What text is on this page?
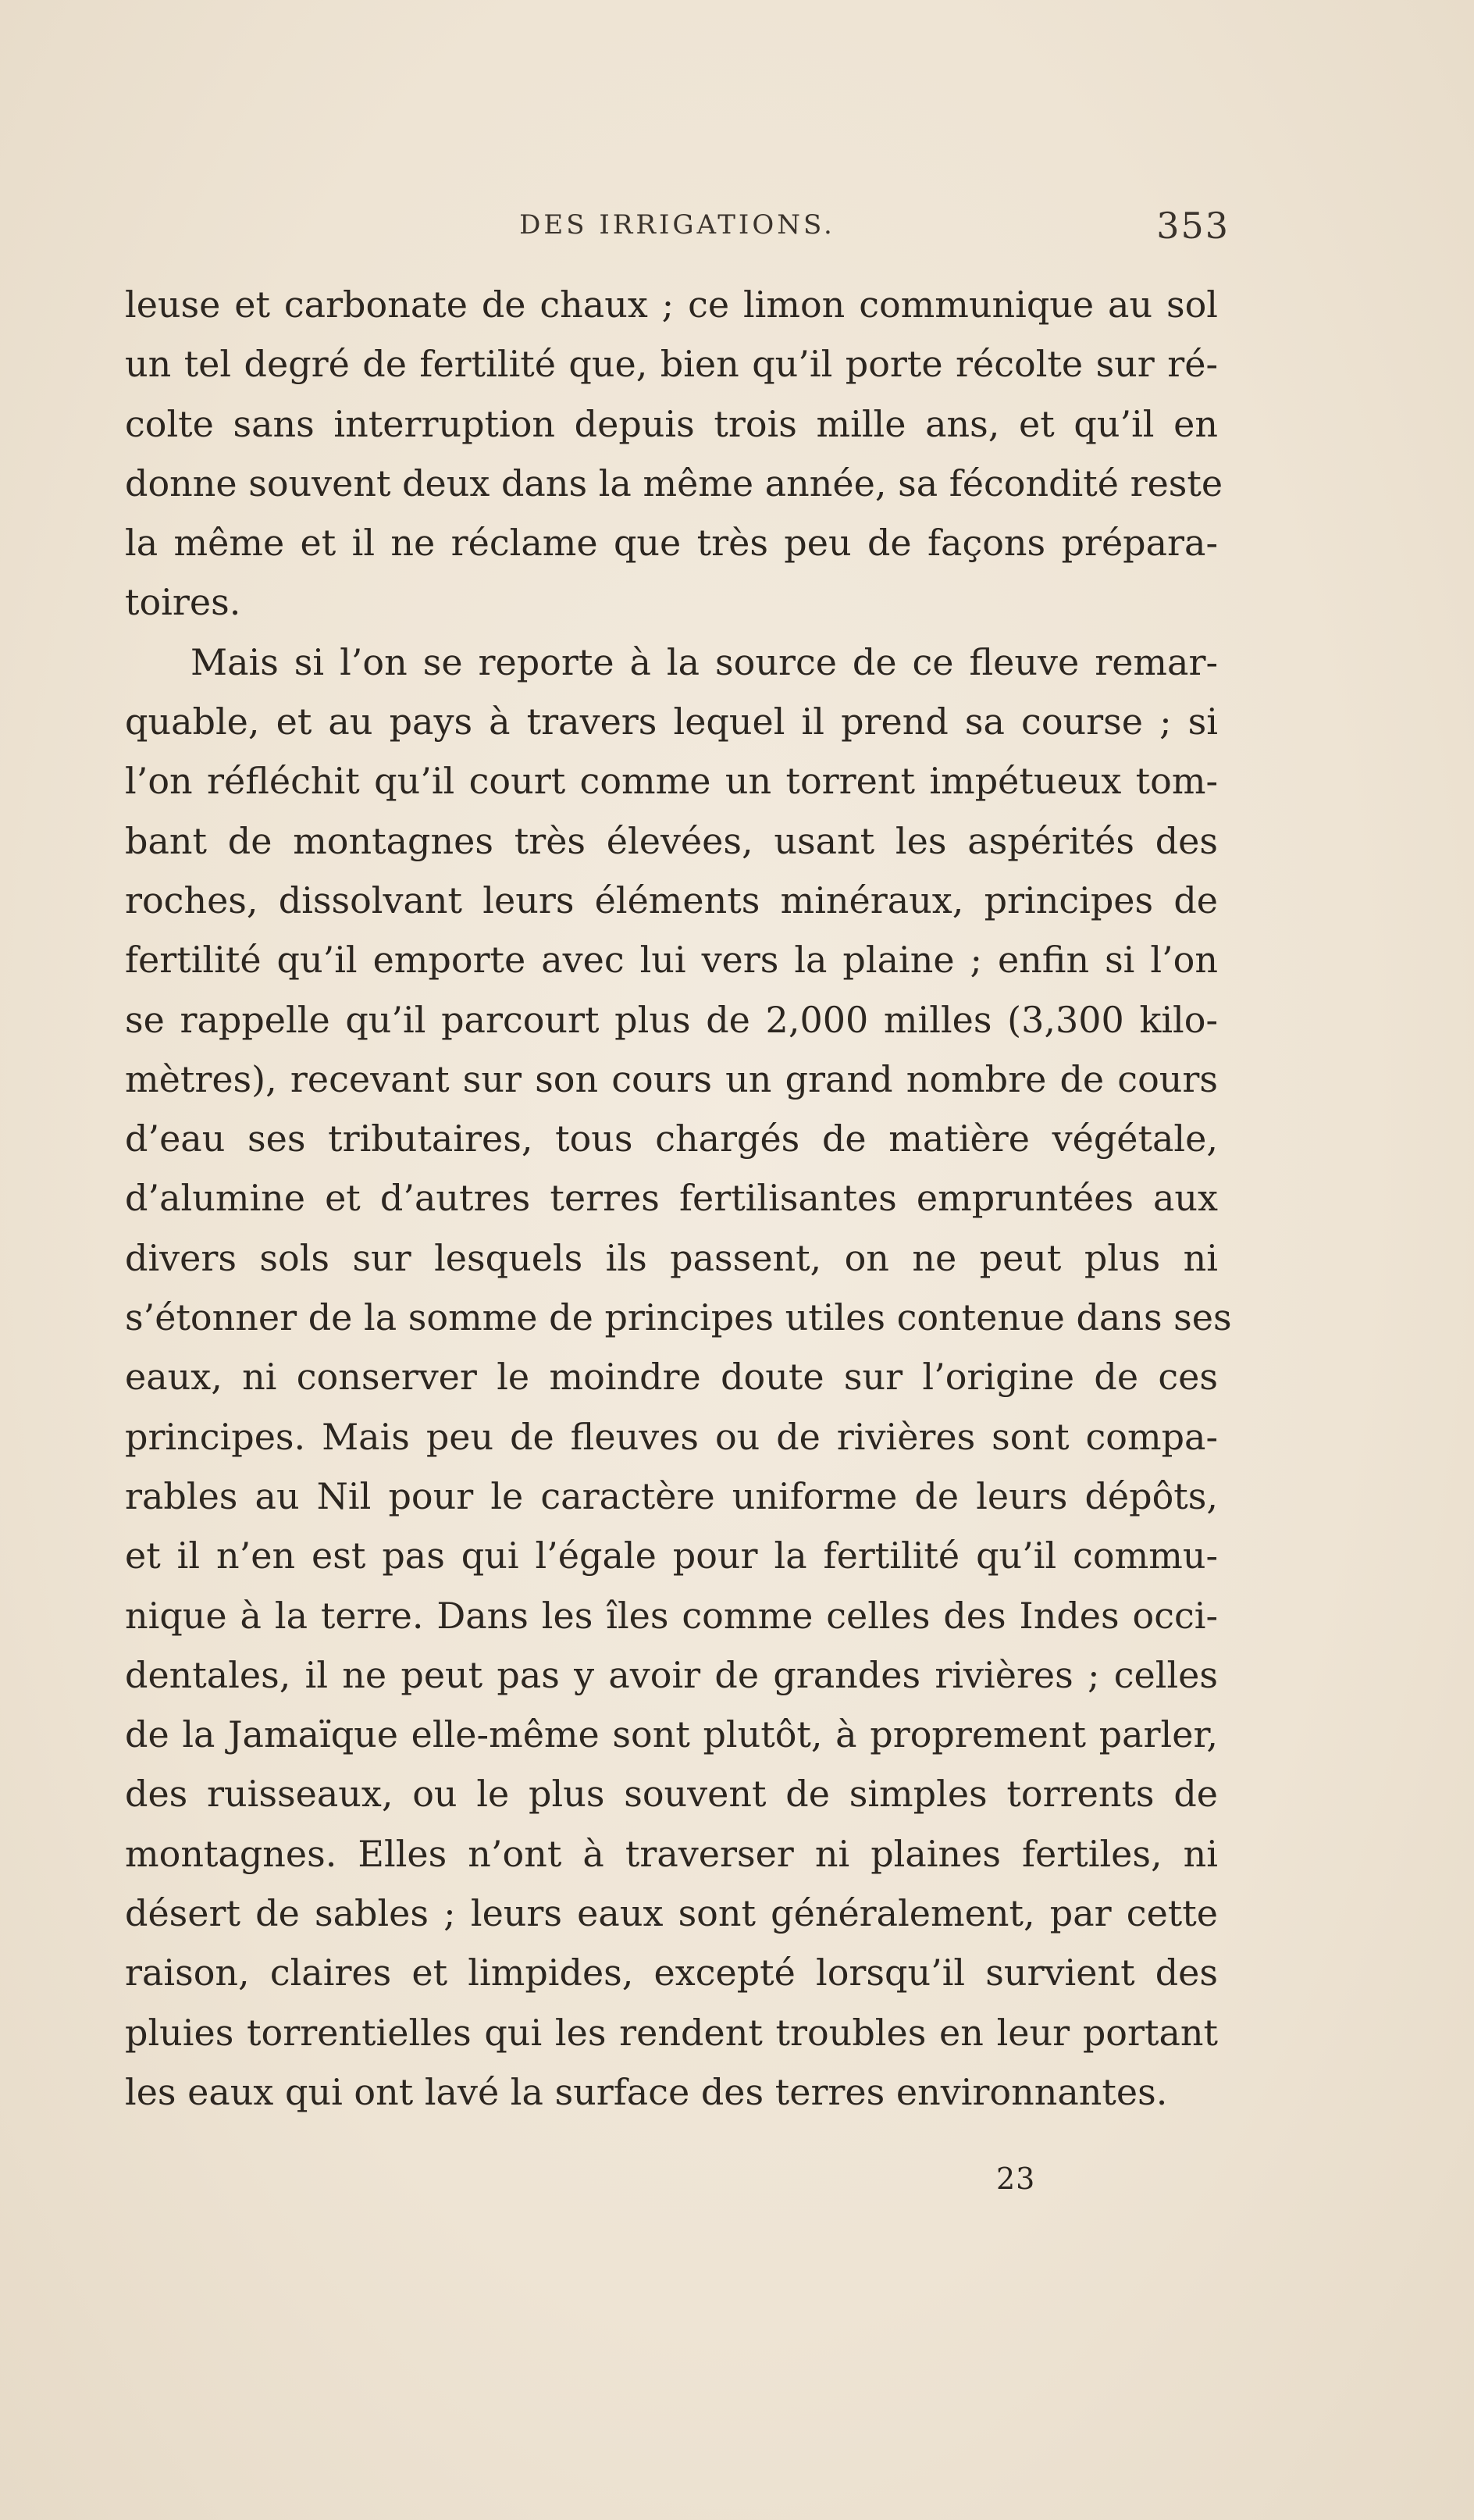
DES IRRIGATIONS.	353
leuse et carbonate de chaux ; ce limon communique au sol
un tel degré de fertilité que, bien qu’il porte récolte sur ré-
colte sans interruption depuis trois mille ans, et qu’il en
donne souvent deux dans la même année, sa fécondité reste
la même et il ne réclame que très peu de façons prépara-
toires.
Mais si l’on se reporte à la source de ce fleuve remar-
quable, et au pays à travers lequel il prend sa course ; si
l’on réfléchit qu’il court comme un torrent impétueux tom-
bant de montagnes très élevées, usant les aspérités des
roches, dissolvant leurs éléments minéraux, principes de
fertilité qu’il emporte avec lui vers la plaine ; enfin si l’on
se rappelle qu’il parcourt plus de 2,000 milles (3,300 kilo-
mètres), recevant sur son cours un grand nombre de cours
d’eau ses tributaires, tous chargés de matière végétale,
d’alumine et d’autres terres fertilisantes empruntées aux
divers sols sur lesquels ils passent, on ne peut plus ni
s’étonner de la somme de principes utiles contenue dans ses
eaux, ni conserver le moindre doute sur l’origine de ces
principes. Mais peu de fleuves ou de rivières sont compa-
rables au Nil pour le caractère uniforme de leurs dépôts,
et il n’en est pas qui l’égale pour la fertilité qu’il commu-
nique à la terre. Dans les îles comme celles des Indes occi-
dentales, il ne peut pas y avoir de grandes rivières ; celles
de la Jamaïque elle-même sont plutôt, à proprement parler,
des ruisseaux, ou le plus souvent de simples torrents de
montagnes. Elles n’ont à traverser ni plaines fertiles, ni
désert de sables ; leurs eaux sont généralement, par cette
raison, claires et limpides, excepté lorsqu’il survient des
pluies torrentielles qui les rendent troubles en leur portant
les eaux qui ont lavé la surface des terres environnantes.
23
